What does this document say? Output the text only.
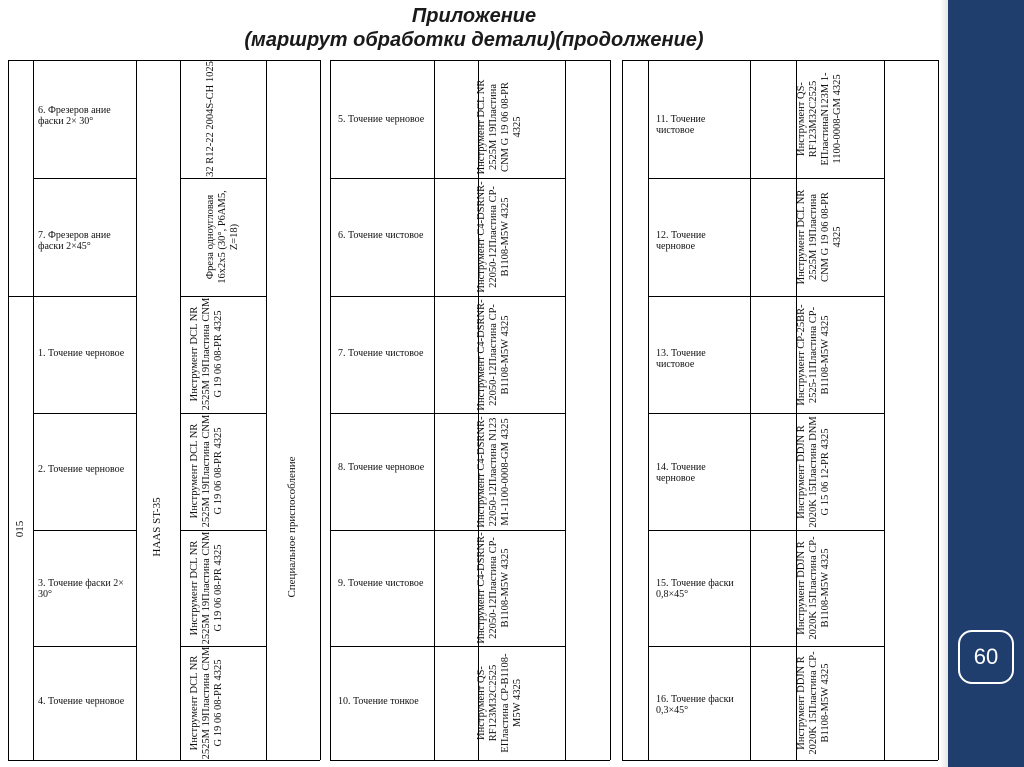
Приложение
(маршрут обработки детали)(продолжение)
60
015	HAAS ST-35	Специальное приспособление
6. Фрезеров ание фаски 2× 30°
7. Фрезеров ание фаски 2×45°
1. Точение черновое
2. Точение черновое
3. Точение фаски 2× 30°
4. Точение черновое
32 R12-22 2004S-CH 1025
Фреза одноугловая 16x2x5 (30°, Р6АМ5, Z=18)
Инструмент DCL NR 2525M 19Пластина CNM G 19 06 08-PR 4325
Инструмент DCL NR 2525M 19Пластина CNM G 19 06 08-PR 4325
Инструмент DCL NR 2525M 19Пластина CNM G 19 06 08-PR 4325
Инструмент DCL NR 2525M 19Пластина CNM G 19 06 08-PR 4325
5. Точение черновое
6. Точение чистовое
7. Точение чистовое
8. Точение черновое
9. Точение чистовое
10. Точение тонкое
Инструмент DCL NR 2525M 19Пластина CNM G 19 06 08-PR 4325
Инструмент C4-DSRNR-22050-12Пластина CP-B1108-M5W 4325
Инструмент C4-DSRNR-22050-12Пластина CP-B1108-M5W 4325
Инструмент C4-DSRNR-22050-12Пластина N123 M1-1100-0008-GM 4325
Инструмент C4-DSRNR-22050-12Пластина CP-B1108-M5W 4325
Инструмент QS-RF123M32C2525 EПластина CP-B1108-M5W 4325
11. Точение чистовое
12. Точение черновое
13. Точение чистовое
14. Точение черновое
15. Точение фаски 0,8×45°
16. Точение фаски 0,3×45°
Инструмент QS-RF123M32C2525 EПластинаN123M 1-1100-0008-GM 4325
Инструмент DCL NR 2525M 19Пластина CNM G 19 06 08-PR 4325
Инструмент CP-25BR-2525-11Пластина CP-B1108-M5W 4325
Инструмент DDJN R 2020K 15Пластина DNM G 15 06 12-PR 4325
Инструмент DDJN R 2020K 15Пластина CP-B1108-M5W 4325
Инструмент DDJN R 2020K 15Пластина CP-B1108-M5W 4325
